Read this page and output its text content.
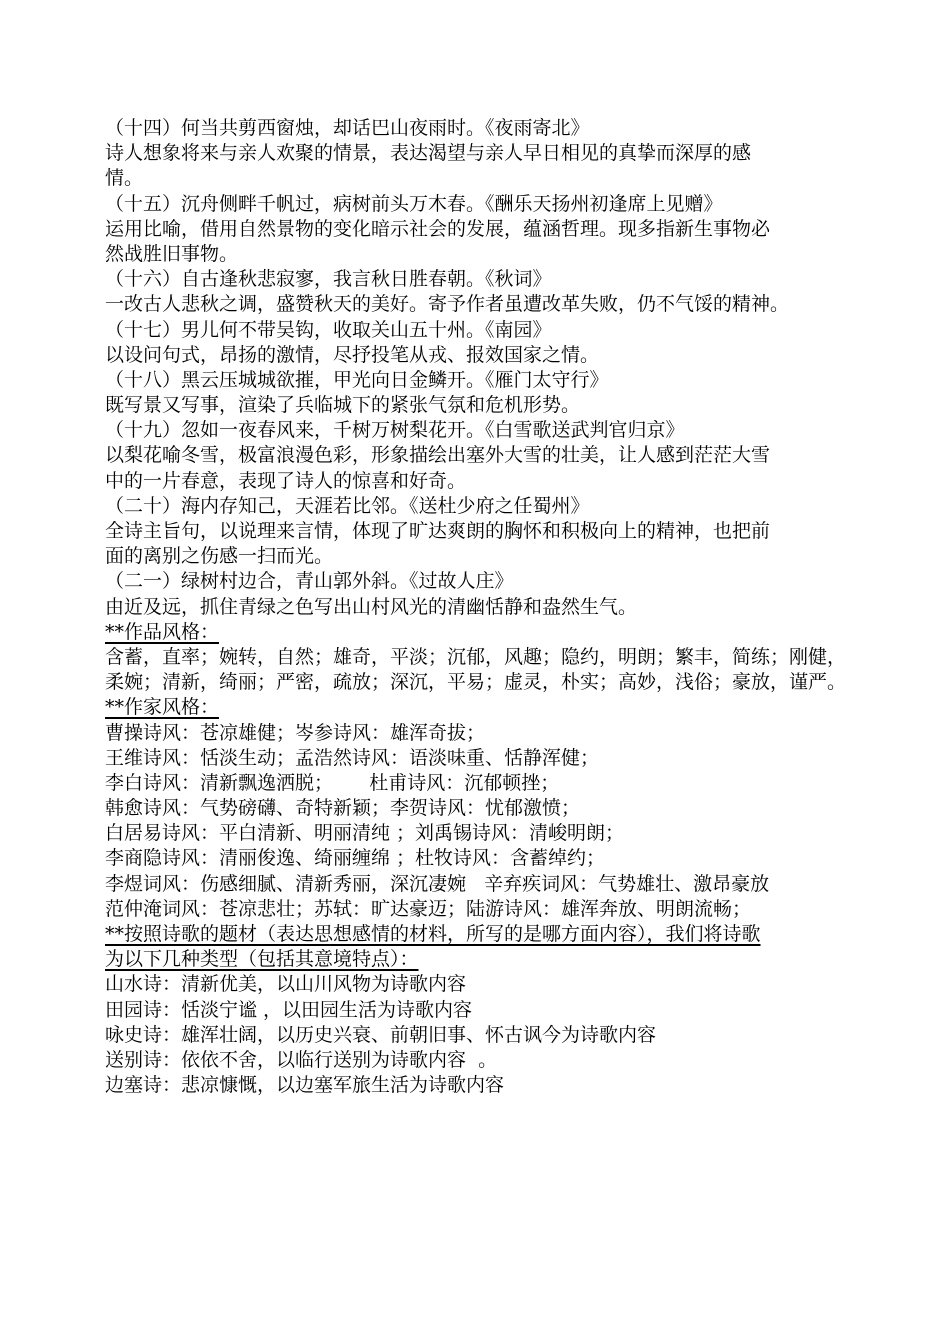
（十四）何当共剪西窗烛，却话巴山夜雨时。《夜雨寄北》
诗人想象将来与亲人欢聚的情景，表达渴望与亲人早日相见的真挚而深厚的感
情。
（十五）沉舟侧畔千帆过，病树前头万木春。《酬乐天扬州初逢席上见赠》
运用比喻，借用自然景物的变化暗示社会的发展，蕴涵哲理。现多指新生事物必
然战胜旧事物。
（十六）自古逢秋悲寂寥，我言秋日胜春朝。《秋词》
一改古人悲秋之调，盛赞秋天的美好。寄予作者虽遭改革失败，仍不气馁的精神。
（十七）男儿何不带吴钩，收取关山五十州。《南园》
以设问句式，昂扬的激情，尽抒投笔从戎、报效国家之情。
（十八）黑云压城城欲摧，甲光向日金鳞开。《雁门太守行》
既写景又写事，渲染了兵临城下的紧张气氛和危机形势。
（十九）忽如一夜春风来，千树万树梨花开。《白雪歌送武判官归京》
以梨花喻冬雪，极富浪漫色彩，形象描绘出塞外大雪的壮美，让人感到茫茫大雪
中的一片春意，表现了诗人的惊喜和好奇。
（二十）海内存知己，天涯若比邻。《送杜少府之任蜀州》
全诗主旨句，以说理来言情，体现了旷达爽朗的胸怀和积极向上的精神，也把前
面的离别之伤感一扫而光。
（二一）绿树村边合，青山郭外斜。《过故人庄》
由近及远，抓住青绿之色写出山村风光的清幽恬静和盎然生气。
**作品风格：
含蓄，直率；婉转，自然；雄奇，平淡；沉郁，风趣；隐约，明朗；繁丰，简练；刚健，
柔婉；清新，绮丽；严密，疏放；深沉，平易；虚灵，朴实；高妙，浅俗；豪放，谨严。
**作家风格：
曹操诗风：苍凉雄健；岑参诗风：雄浑奇拔；
王维诗风：恬淡生动；孟浩然诗风：语淡味重、恬静浑健；
李白诗风：清新飘逸洒脱；      杜甫诗风：沉郁顿挫；
韩愈诗风：气势磅礴、奇特新颖；李贺诗风：忧郁激愤；
白居易诗风：平白清新、明丽清纯 ；刘禹锡诗风：清峻明朗；
李商隐诗风：清丽俊逸、绮丽缠绵 ；杜牧诗风：含蓄绰约；
李煜词风：伤感细腻、清新秀丽，深沉凄婉   辛弃疾词风：气势雄壮、激昂豪放
范仲淹词风：苍凉悲壮；苏轼：旷达豪迈；陆游诗风：雄浑奔放、明朗流畅；
**按照诗歌的题材（表达思想感情的材料，所写的是哪方面内容），我们将诗歌
为以下几种类型（包括其意境特点）：
山水诗：清新优美，以山川风物为诗歌内容
田园诗：恬淡宁谧 ，以田园生活为诗歌内容
咏史诗：雄浑壮阔，以历史兴衰、前朝旧事、怀古讽今为诗歌内容
送别诗：依依不舍，以临行送别为诗歌内容  。
边塞诗：悲凉慷慨，以边塞军旅生活为诗歌内容
